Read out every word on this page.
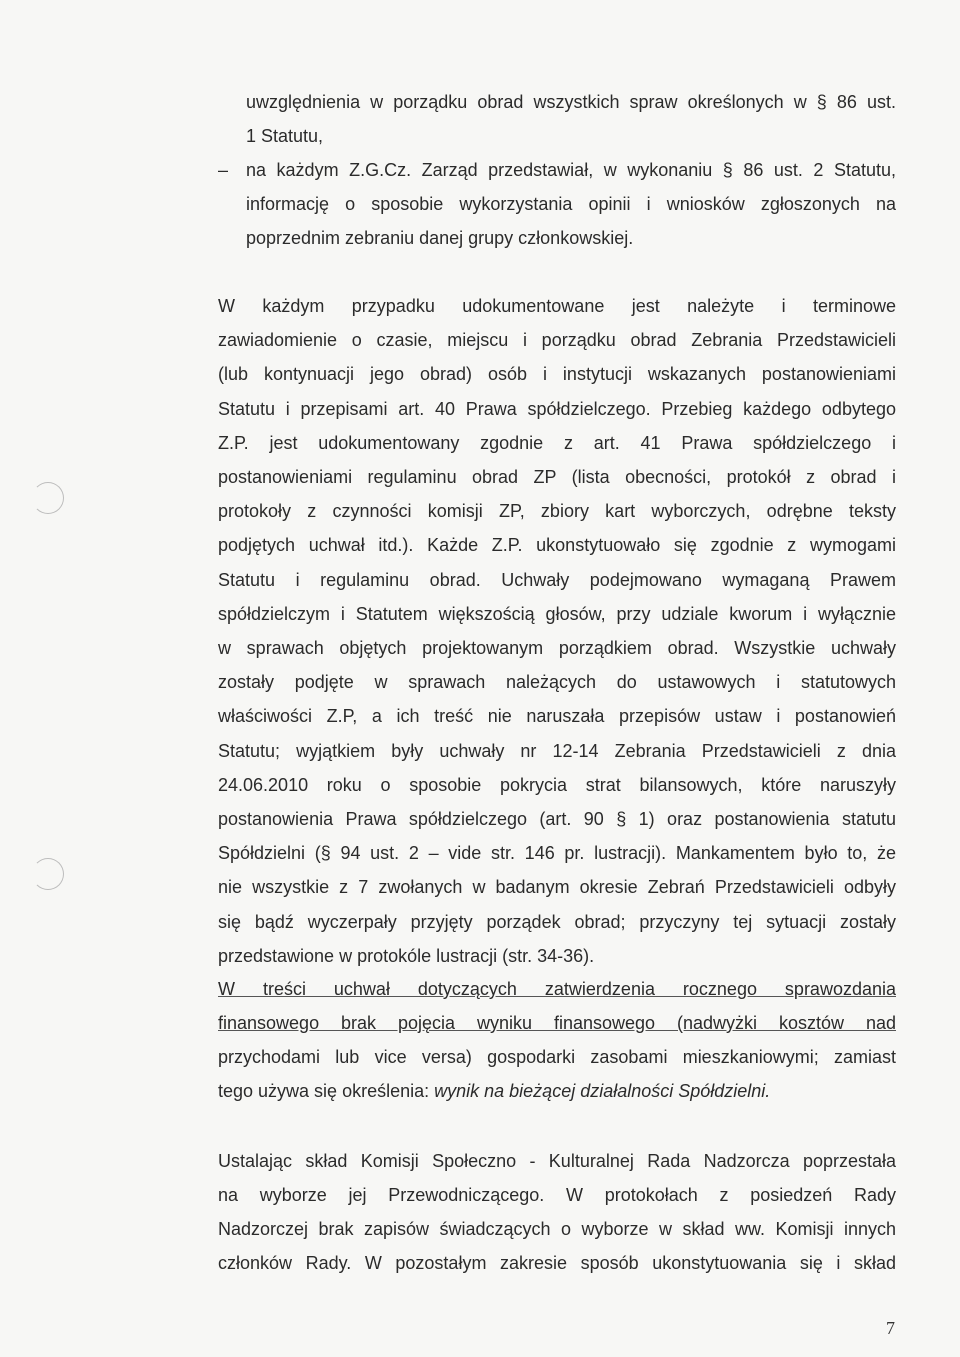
uwzględnienia w porządku obrad wszystkich spraw określonych w § 86 ust.
1 Statutu,
– na każdym Z.G.Cz. Zarząd przedstawiał, w wykonaniu § 86 ust. 2 Statutu,
informację o sposobie wykorzystania opinii i wniosków zgłoszonych na
poprzednim zebraniu danej grupy członkowskiej.
W każdym przypadku udokumentowane jest należyte i terminowe
zawiadomienie o czasie, miejscu i porządku obrad Zebrania Przedstawicieli
(lub kontynuacji jego obrad) osób i instytucji wskazanych postanowieniami
Statutu i przepisami art. 40 Prawa spółdzielczego. Przebieg każdego odbytego
Z.P. jest udokumentowany zgodnie z art. 41 Prawa spółdzielczego i
postanowieniami regulaminu obrad ZP (lista obecności, protokół z obrad i
protokoły z czynności komisji ZP, zbiory kart wyborczych, odrębne teksty
podjętych uchwał itd.). Każde Z.P. ukonstytuowało się zgodnie z wymogami
Statutu i regulaminu obrad. Uchwały podejmowano wymaganą Prawem
spółdzielczym i Statutem większością głosów, przy udziale kworum i wyłącznie
w sprawach objętych projektowanym porządkiem obrad. Wszystkie uchwały
zostały podjęte w sprawach należących do ustawowych i statutowych
właściwości Z.P, a ich treść nie naruszała przepisów ustaw i postanowień
Statutu; wyjątkiem były uchwały nr 12-14 Zebrania Przedstawicieli z dnia
24.06.2010 roku o sposobie pokrycia strat bilansowych, które naruszyły
postanowienia Prawa spółdzielczego (art. 90 § 1) oraz postanowienia statutu
Spółdzielni (§ 94 ust. 2 – vide str. 146 pr. lustracji). Mankamentem było to, że
nie wszystkie z 7 zwołanych w badanym okresie Zebrań Przedstawicieli odbyły
się bądź wyczerpały przyjęty porządek obrad; przyczyny tej sytuacji zostały
przedstawione w protokóle lustracji (str. 34-36).
W treści uchwał dotyczących zatwierdzenia rocznego sprawozdania
finansowego brak pojęcia wyniku finansowego (nadwyżki kosztów nad
przychodami lub vice versa) gospodarki zasobami mieszkaniowymi; zamiast
tego używa się określenia: wynik na bieżącej działalności Spółdzielni.
Ustalając skład Komisji Społeczno - Kulturalnej Rada Nadzorcza poprzestała
na wyborze jej Przewodniczącego. W protokołach z posiedzeń Rady
Nadzorczej brak zapisów świadczących o wyborze w skład ww. Komisji innych
członków Rady. W pozostałym zakresie sposób ukonstytuowania się i skład
7
